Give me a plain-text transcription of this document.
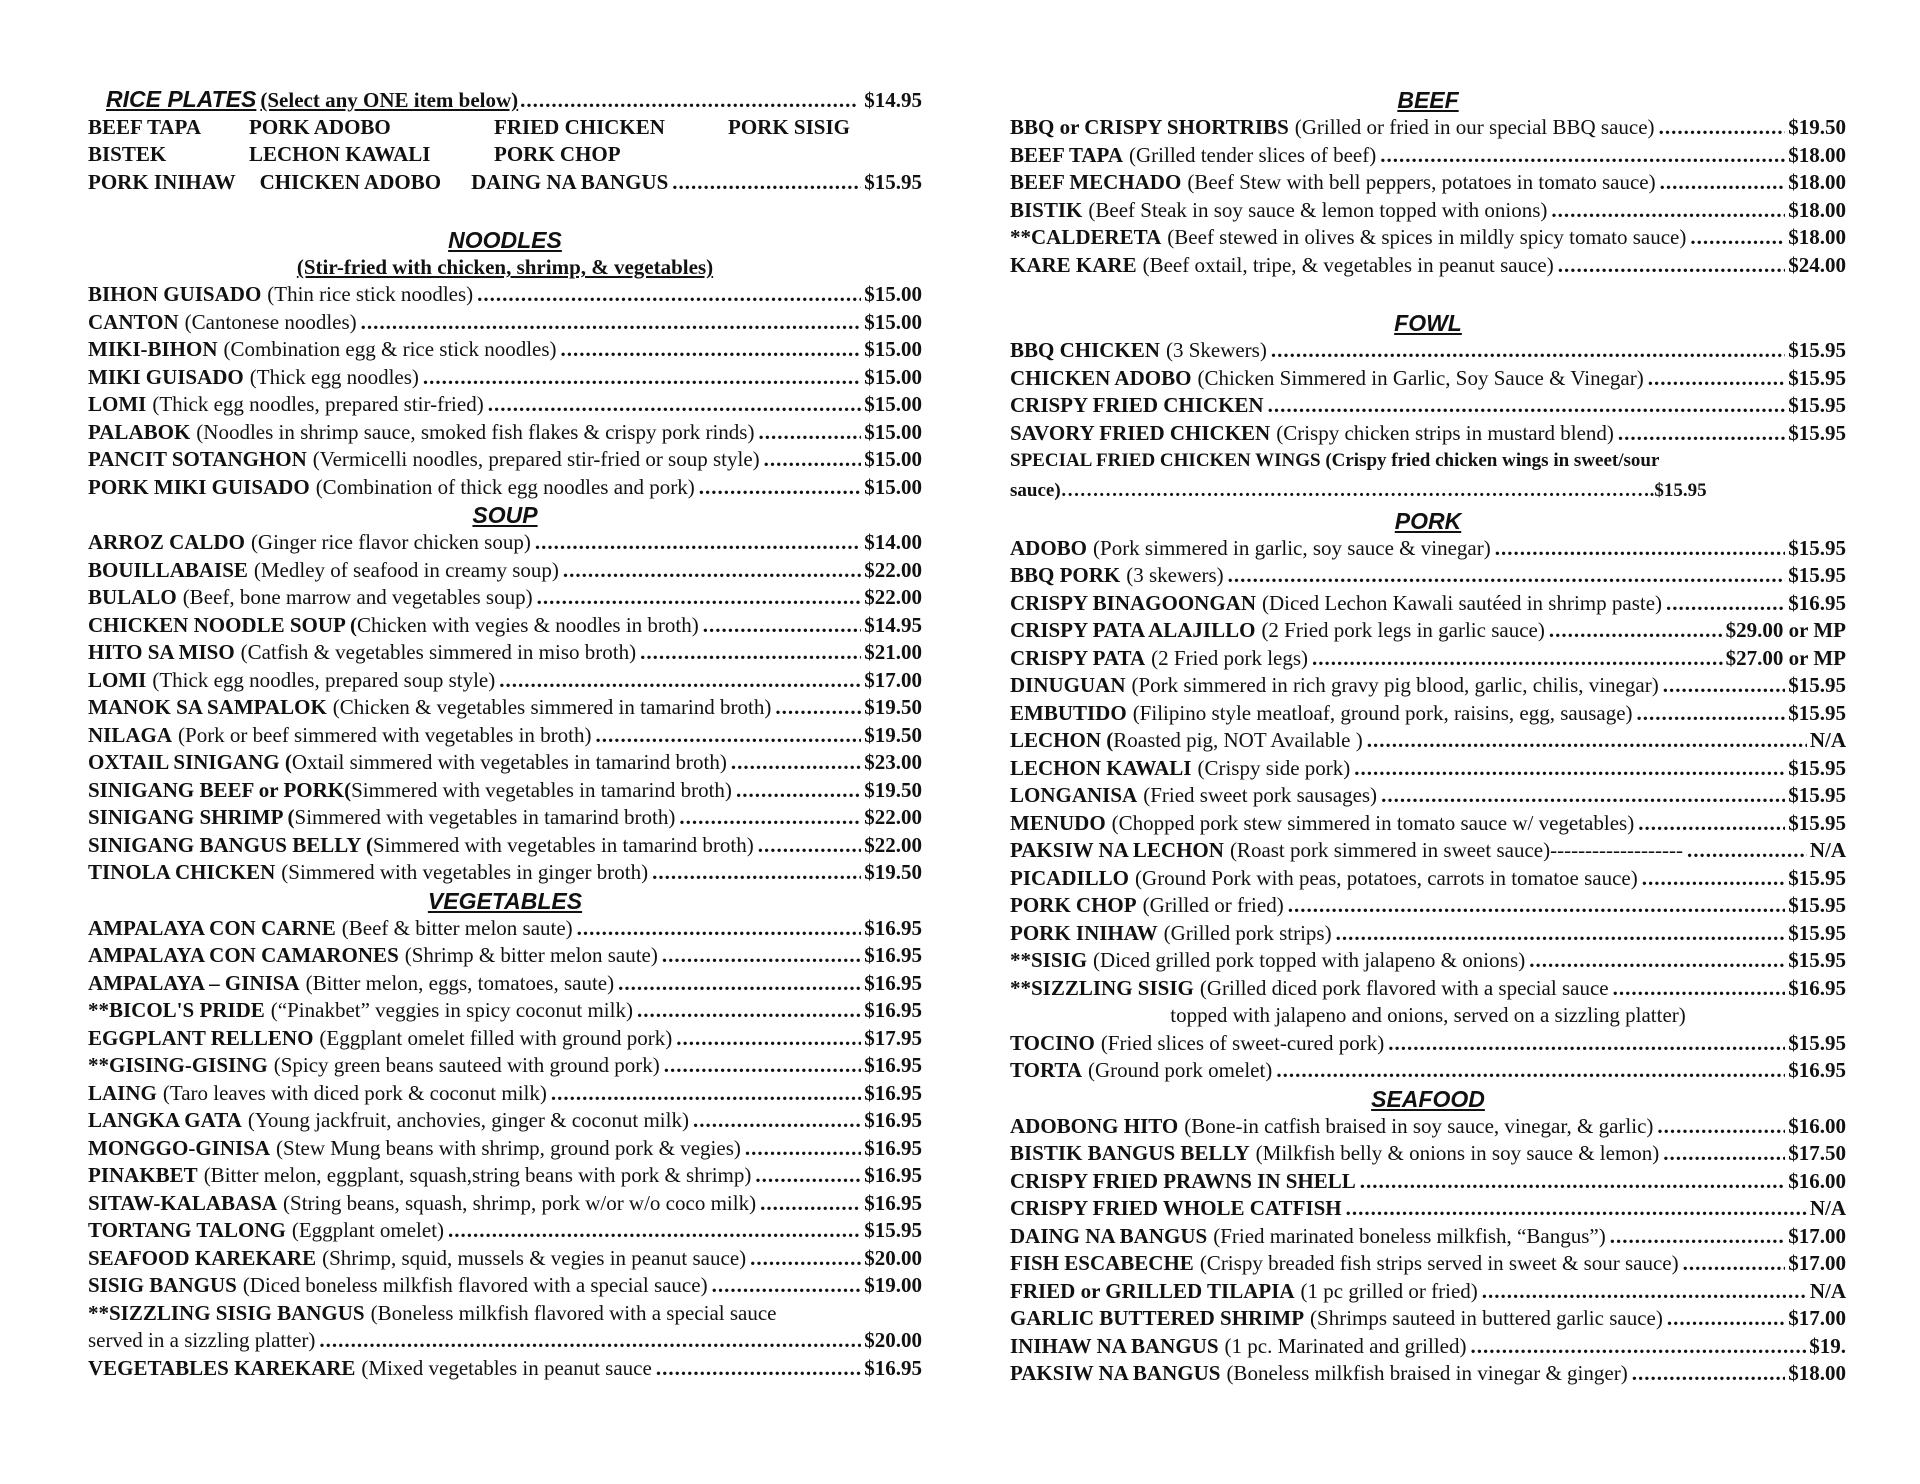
RICE PLATES (Select any ONE item below) .....	$14.95
BEEF TAPA PORK ADOBO	FRIED CHICKEN	PORK SISIG
BISTEK	LECHON KAWALI	PORK CHOP
PORK INIHAW CHICKEN ADOBO DAING NA BANGUS .....	$15.95
NOODLES
(Stir-fried with chicken, shrimp, & vegetables)
BIHON GUISADO (Thin rice stick noodles) .....	$15.00
CANTON (Cantonese noodles) .....	$15.00
MIKI-BIHON (Combination egg & rice stick noodles) .....	$15.00
MIKI GUISADO (Thick egg noodles) .....	$15.00
LOMI (Thick egg noodles, prepared stir-fried) .....	$15.00
PALABOK (Noodles in shrimp sauce, smoked fish flakes & crispy pork rinds) .....	$15.00
PANCIT SOTANGHON (Vermicelli noodles, prepared stir-fried or soup style) .....	$15.00
PORK MIKI GUISADO (Combination of thick egg noodles and pork) .....	$15.00
SOUP
ARROZ CALDO (Ginger rice flavor chicken soup) .....	$14.00
BOUILLABAISE (Medley of seafood in creamy soup) .....	$22.00
BULALO (Beef, bone marrow and vegetables soup) .....	$22.00
CHICKEN NOODLE SOUP ( Chicken with vegies & noodles in broth) .....	$14.95
HITO SA MISO (Catfish & vegetables simmered in miso broth) .....	$21.00
LOMI (Thick egg noodles, prepared soup style) .....	$17.00
MANOK SA SAMPALOK (Chicken & vegetables simmered in tamarind broth) .....	$19.50
NILAGA (Pork or beef simmered with vegetables in broth) .....	$19.50
OXTAIL SINIGANG ( Oxtail simmered with vegetables in tamarind broth) .....	$23.00
SINIGANG BEEF or PORK( Simmered with vegetables in tamarind broth) .....	$19.50
SINIGANG SHRIMP ( Simmered with vegetables in tamarind broth) .....	$22.00
SINIGANG BANGUS BELLY ( Simmered with vegetables in tamarind broth) .....	$22.00
TINOLA CHICKEN (Simmered with vegetables in ginger broth) .....	$19.50
VEGETABLES
AMPALAYA CON CARNE (Beef & bitter melon saute) .....	$16.95
AMPALAYA CON CAMARONES (Shrimp & bitter melon saute) .....	$16.95
AMPALAYA – GINISA (Bitter melon, eggs, tomatoes, saute) .....	$16.95
**BICOL'S PRIDE (“Pinakbet” veggies in spicy coconut milk) .....	$16.95
EGGPLANT RELLENO (Eggplant omelet filled with ground pork) .....	$17.95
**GISING-GISING (Spicy green beans sauteed with ground pork) .....	$16.95
LAING (Taro leaves with diced pork & coconut milk) .....	$16.95
LANGKA GATA (Young jackfruit, anchovies, ginger & coconut milk) .....	$16.95
MONGGO-GINISA (Stew Mung beans with shrimp, ground pork & vegies) .....	$16.95
PINAKBET (Bitter melon, eggplant, squash,string beans with pork & shrimp) .....	$16.95
SITAW-KALABASA (String beans, squash, shrimp, pork w/or w/o coco milk) .....	$16.95
TORTANG TALONG (Eggplant omelet) .....	$15.95
SEAFOOD KAREKARE (Shrimp, squid, mussels & vegies in peanut sauce) .....	$20.00
SISIG BANGUS (Diced boneless milkfish flavored with a special sauce) .....	$19.00
**SIZZLING SISIG BANGUS (Boneless milkfish flavored with a special sauce
served in a sizzling platter) .....	$20.00
VEGETABLES KAREKARE (Mixed vegetables in peanut sauce .....	$16.95
BEEF
BBQ or CRISPY SHORTRIBS (Grilled or fried in our special BBQ sauce) .....	$19.50
BEEF TAPA (Grilled tender slices of beef) .....	$18.00
BEEF MECHADO (Beef Stew with bell peppers, potatoes in tomato sauce) .....	$18.00
BISTIK (Beef Steak in soy sauce & lemon topped with onions) .....	$18.00
**CALDERETA (Beef stewed in olives & spices in mildly spicy tomato sauce) .....	$18.00
KARE KARE (Beef oxtail, tripe, & vegetables in peanut sauce) .....	$24.00
FOWL
BBQ CHICKEN (3 Skewers) .....	$15.95
CHICKEN ADOBO (Chicken Simmered in Garlic, Soy Sauce & Vinegar) .....	$15.95
CRISPY FRIED CHICKEN .....	$15.95
SAVORY FRIED CHICKEN (Crispy chicken strips in mustard blend) .....	$15.95
SPECIAL FRIED CHICKEN WINGS (Crispy fried chicken wings in sweet/sour
sauce)…………………………………………………………………………………. $15.95
PORK
ADOBO (Pork simmered in garlic, soy sauce & vinegar) .....	$15.95
BBQ PORK (3 skewers) .....	$15.95
CRISPY BINAGOONGAN (Diced Lechon Kawali sautéed in shrimp paste) .....	$16.95
CRISPY PATA ALAJILLO (2 Fried pork legs in garlic sauce) .....	$29.00 or MP
CRISPY PATA (2 Fried pork legs) .....	$27.00 or MP
DINUGUAN (Pork simmered in rich gravy pig blood, garlic, chilis, vinegar) .....	$15.95
EMBUTIDO (Filipino style meatloaf, ground pork, raisins, egg, sausage) .....	$15.95
LECHON ( Roasted pig, NOT Available ) .....	N/A
LECHON KAWALI (Crispy side pork) .....	$15.95
LONGANISA (Fried sweet pork sausages) .....	$15.95
MENUDO (Chopped pork stew simmered in tomato sauce w/ vegetables) .....	$15.95
PAKSIW NA LECHON (Roast pork simmered in sweet sauce)------------------- .....	N/A
PICADILLO (Ground Pork with peas, potatoes, carrots in tomatoe sauce) .....	$15.95
PORK CHOP (Grilled or fried) .....	$15.95
PORK INIHAW (Grilled pork strips) .....	$15.95
**SISIG (Diced grilled pork topped with jalapeno & onions) .....	$15.95
**SIZZLING SISIG (Grilled diced pork flavored with a special sauce .....	$16.95
topped with jalapeno and onions, served on a sizzling platter)
TOCINO (Fried slices of sweet-cured pork) .....	$15.95
TORTA (Ground pork omelet) .....	$16.95
SEAFOOD
ADOBONG HITO (Bone-in catfish braised in soy sauce, vinegar, & garlic) .....	$16.00
BISTIK BANGUS BELLY (Milkfish belly & onions in soy sauce & lemon) .....	$17.50
CRISPY FRIED PRAWNS IN SHELL .....	$16.00
CRISPY FRIED WHOLE CATFISH .....	N/A
DAING NA BANGUS (Fried marinated boneless milkfish, “Bangus”) .....	$17.00
FISH ESCABECHE (Crispy breaded fish strips served in sweet & sour sauce) .....	$17.00
FRIED or GRILLED TILAPIA (1 pc grilled or fried) .....	N/A
GARLIC BUTTERED SHRIMP (Shrimps sauteed in buttered garlic sauce) .....	$17.00
INIHAW NA BANGUS (1 pc. Marinated and grilled) .....	$19.
PAKSIW NA BANGUS (Boneless milkfish braised in vinegar & ginger) .....	$18.00
